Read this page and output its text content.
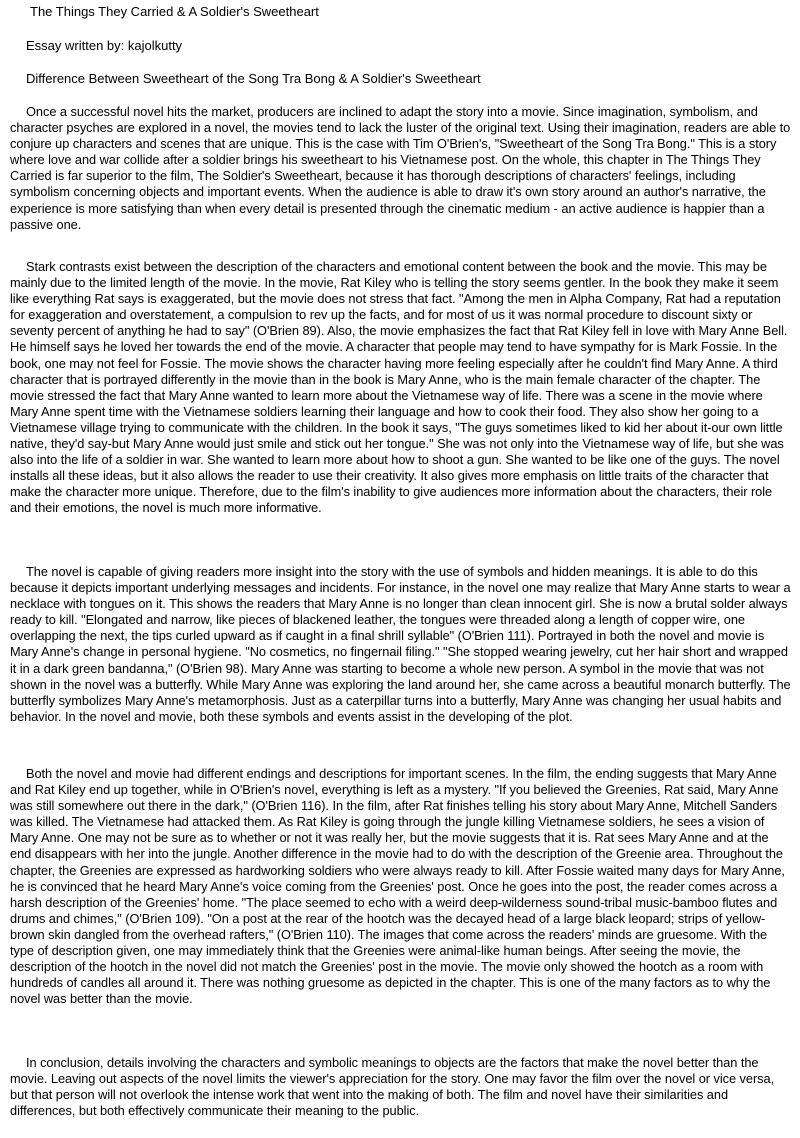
The Things They Carried & A Soldier's Sweetheart

Essay written by: kajolkutty

Difference Between Sweetheart of the Song Tra Bong & A Soldier's Sweetheart

Once a successful novel hits the market, producers are inclined to adapt the story into a movie. Since imagination, symbolism, and character psyches are explored in a novel, the movies tend to lack the luster of the original text. Using their imagination, readers are able to conjure up characters and scenes that are unique. This is the case with Tim O'Brien's, "Sweetheart of the Song Tra Bong." This is a story where love and war collide after a soldier brings his sweetheart to his Vietnamese post. On the whole, this chapter in The Things They Carried is far superior to the film, The Soldier's Sweetheart, because it has thorough descriptions of characters' feelings, including symbolism concerning objects and important events. When the audience is able to draw it's own story around an author's narrative, the experience is more satisfying than when every detail is presented through the cinematic medium - an active audience is happier than a passive one.

Stark contrasts exist between the description of the characters and emotional content between the book and the movie. This may be mainly due to the limited length of the movie. In the movie, Rat Kiley who is telling the story seems gentler. In the book they make it seem like everything Rat says is exaggerated, but the movie does not stress that fact. "Among the men in Alpha Company, Rat had a reputation for exaggeration and overstatement, a compulsion to rev up the facts, and for most of us it was normal procedure to discount sixty or seventy percent of anything he had to say" (O'Brien 89). Also, the movie emphasizes the fact that Rat Kiley fell in love with Mary Anne Bell. He himself says he loved her towards the end of the movie. A character that people may tend to have sympathy for is Mark Fossie. In the book, one may not feel for Fossie. The movie shows the character having more feeling especially after he couldn't find Mary Anne. A third character that is portrayed differently in the movie than in the book is Mary Anne, who is the main female character of the chapter. The movie stressed the fact that Mary Anne wanted to learn more about the Vietnamese way of life. There was a scene in the movie where Mary Anne spent time with the Vietnamese soldiers learning their language and how to cook their food. They also show her going to a Vietnamese village trying to communicate with the children. In the book it says, "The guys sometimes liked to kid her about it-our own little native, they'd say-but Mary Anne would just smile and stick out her tongue." She was not only into the Vietnamese way of life, but she was also into the life of a soldier in war. She wanted to learn more about how to shoot a gun. She wanted to be like one of the guys. The novel installs all these ideas, but it also allows the reader to use their creativity. It also gives more emphasis on little traits of the character that make the character more unique. Therefore, due to the film's inability to give audiences more information about the characters, their role and their emotions, the novel is much more informative.

The novel is capable of giving readers more insight into the story with the use of symbols and hidden meanings. It is able to do this because it depicts important underlying messages and incidents. For instance, in the novel one may realize that Mary Anne starts to wear a necklace with tongues on it. This shows the readers that Mary Anne is no longer than clean innocent girl. She is now a brutal solder always ready to kill. "Elongated and narrow, like pieces of blackened leather, the tongues were threaded along a length of copper wire, one overlapping the next, the tips curled upward as if caught in a final shrill syllable" (O'Brien 111). Portrayed in both the novel and movie is Mary Anne's change in personal hygiene. "No cosmetics, no fingernail filing." "She stopped wearing jewelry, cut her hair short and wrapped it in a dark green bandanna," (O'Brien 98). Mary Anne was starting to become a whole new person. A symbol in the movie that was not shown in the novel was a butterfly. While Mary Anne was exploring the land around her, she came across a beautiful monarch butterfly. The butterfly symbolizes Mary Anne's metamorphosis. Just as a caterpillar turns into a butterfly, Mary Anne was changing her usual habits and behavior. In the novel and movie, both these symbols and events assist in the developing of the plot.

Both the novel and movie had different endings and descriptions for important scenes. In the film, the ending suggests that Mary Anne and Rat Kiley end up together, while in O'Brien's novel, everything is left as a mystery. "If you believed the Greenies, Rat said, Mary Anne was still somewhere out there in the dark," (O'Brien 116). In the film, after Rat finishes telling his story about Mary Anne, Mitchell Sanders was killed. The Vietnamese had attacked them. As Rat Kiley is going through the jungle killing Vietnamese soldiers, he sees a vision of Mary Anne. One may not be sure as to whether or not it was really her, but the movie suggests that it is. Rat sees Mary Anne and at the end disappears with her into the jungle. Another difference in the movie had to do with the description of the Greenie area. Throughout the chapter, the Greenies are expressed as hardworking soldiers who were always ready to kill. After Fossie waited many days for Mary Anne, he is convinced that he heard Mary Anne's voice coming from the Greenies' post. Once he goes into the post, the reader comes across a harsh description of the Greenies' home. "The place seemed to echo with a weird deep-wilderness sound-tribal music-bamboo flutes and drums and chimes," (O'Brien 109). "On a post at the rear of the hootch was the decayed head of a large black leopard; strips of yellow-brown skin dangled from the overhead rafters," (O'Brien 110). The images that come across the readers' minds are gruesome. With the type of description given, one may immediately think that the Greenies were animal-like human beings. After seeing the movie, the description of the hootch in the novel did not match the Greenies' post in the movie. The movie only showed the hootch as a room with hundreds of candles all around it. There was nothing gruesome as depicted in the chapter. This is one of the many factors as to why the novel was better than the movie.

In conclusion, details involving the characters and symbolic meanings to objects are the factors that make the novel better than the movie. Leaving out aspects of the novel limits the viewer's appreciation for the story. One may favor the film over the novel or vice versa, but that person will not overlook the intense work that went into the making of both. The film and novel have their similarities and differences, but both effectively communicate their meaning to the public.
